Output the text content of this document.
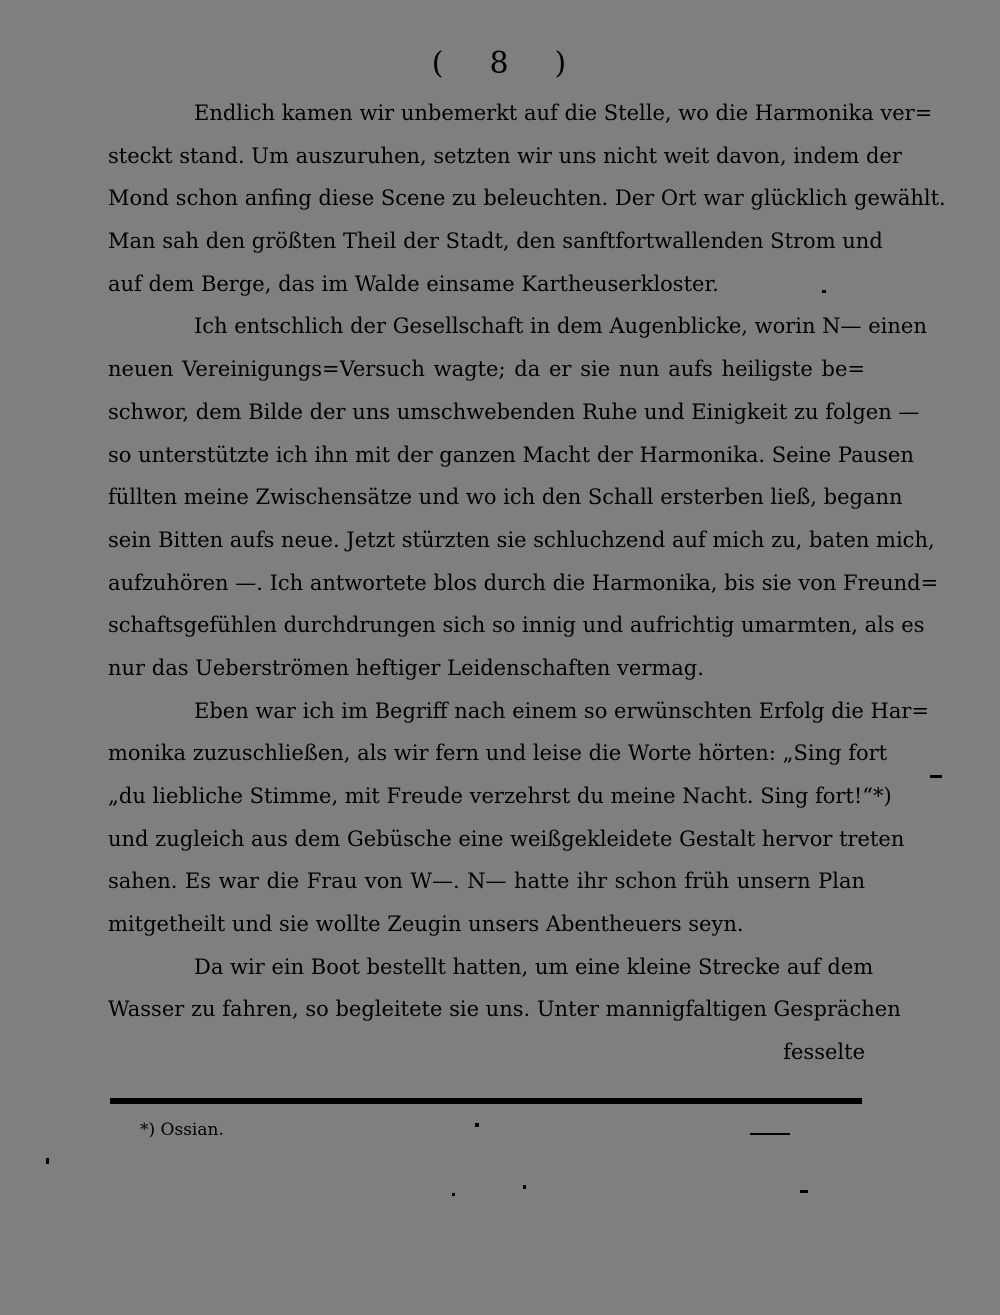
( 8 )
Endlich kamen wir unbemerkt auf die Stelle, wo die Harmonika ver=
steckt stand. Um auszuruhen, setzten wir uns nicht weit davon, indem der
Mond schon anfing diese Scene zu beleuchten. Der Ort war glücklich gewählt.
Man sah den größten Theil der Stadt, den sanftfortwallenden Strom und
auf dem Berge, das im Walde einsame Kartheuserkloster.
Ich entschlich der Gesellschaft in dem Augenblicke, worin N— einen
neuen Vereinigungs=Versuch wagte; da er sie nun aufs heiligste be=
schwor, dem Bilde der uns umschwebenden Ruhe und Einigkeit zu folgen —
so unterstützte ich ihn mit der ganzen Macht der Harmonika. Seine Pausen
füllten meine Zwischensätze und wo ich den Schall ersterben ließ, begann
sein Bitten aufs neue. Jetzt stürzten sie schluchzend auf mich zu, baten mich,
aufzuhören —. Ich antwortete blos durch die Harmonika, bis sie von Freund=
schaftsgefühlen durchdrungen sich so innig und aufrichtig umarmten, als es
nur das Ueberströmen heftiger Leidenschaften vermag.
Eben war ich im Begriff nach einem so erwünschten Erfolg die Har=
monika zuzuschließen, als wir fern und leise die Worte hörten: „Sing fort
„du liebliche Stimme, mit Freude verzehrst du meine Nacht. Sing fort!“*)
und zugleich aus dem Gebüsche eine weißgekleidete Gestalt hervor treten
sahen. Es war die Frau von W—. N— hatte ihr schon früh unsern Plan
mitgetheilt und sie wollte Zeugin unsers Abentheuers seyn.
Da wir ein Boot bestellt hatten, um eine kleine Strecke auf dem
Wasser zu fahren, so begleitete sie uns. Unter mannigfaltigen Gesprächen
fesselte
*) Ossian.
